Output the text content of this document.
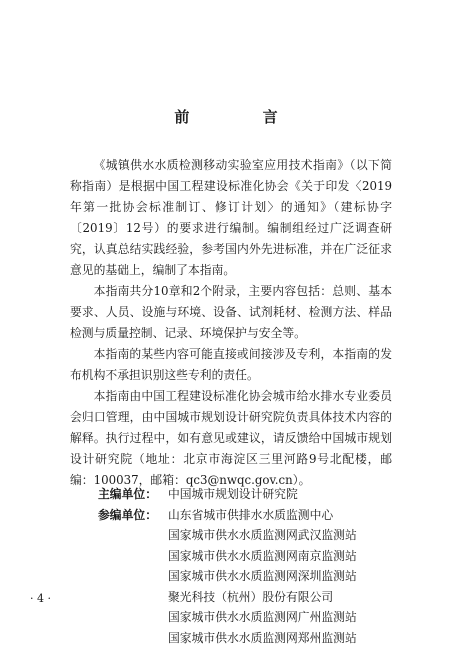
前 言

《城镇供水水质检测移动实验室应用技术指南》（以下简称指南）是根据中国工程建设标准化协会《关于印发〈2019年第一批协会标准制订、修订计划〉的通知》（建标协字〔2019〕12号）的要求进行编制。编制组经过广泛调查研究，认真总结实践经验，参考国内外先进标准，并在广泛征求意见的基础上，编制了本指南。

本指南共分10章和2个附录，主要内容包括：总则、基本要求、人员、设施与环境、设备、试剂耗材、检测方法、样品检测与质量控制、记录、环境保护与安全等。

本指南的某些内容可能直接或间接涉及专利，本指南的发布机构不承担识别这些专利的责任。

本指南由中国工程建设标准化协会城市给水排水专业委员会归口管理，由中国城市规划设计研究院负责具体技术内容的解释。执行过程中，如有意见或建议，请反馈给中国城市规划设计研究院（地址：北京市海淀区三里河路9号北配楼，邮编：100037，邮箱：qc3@nwqc.gov.cn）。

主编单位： 中国城市规划设计研究院
参编单位： 山东省城市供排水水质监测中心
国家城市供水水质监测网武汉监测站
国家城市供水水质监测网南京监测站
国家城市供水水质监测网深圳监测站
聚光科技（杭州）股份有限公司
国家城市供水水质监测网广州监测站
国家城市供水水质监测网郑州监测站
· 4 ·
